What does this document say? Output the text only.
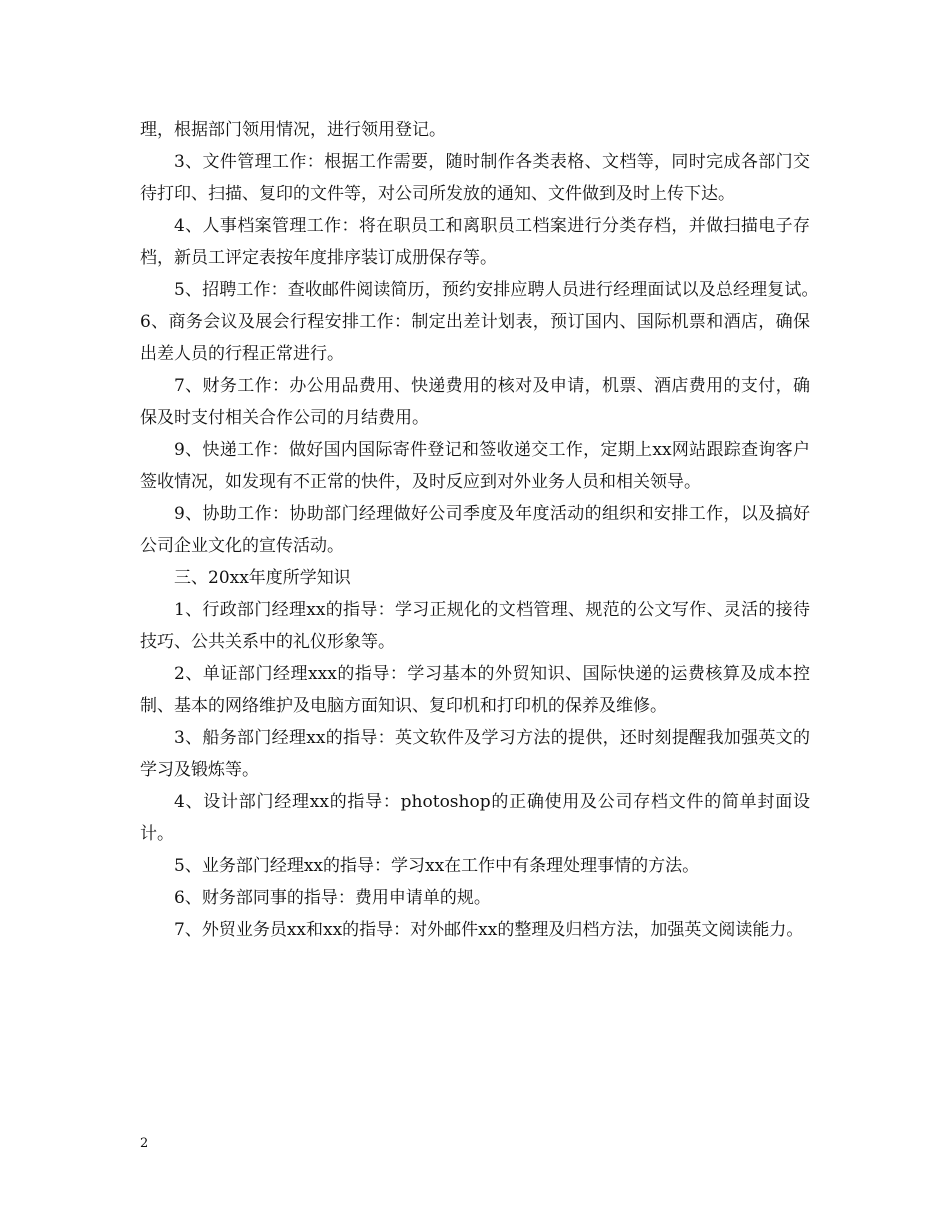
理，根据部门领用情况，进行领用登记。

3、文件管理工作：根据工作需要，随时制作各类表格、文档等，同时完成各部门交待打印、扫描、复印的文件等，对公司所发放的通知、文件做到及时上传下达。

4、人事档案管理工作：将在职员工和离职员工档案进行分类存档，并做扫描电子存档，新员工评定表按年度排序装订成册保存等。

5、招聘工作：查收邮件阅读简历，预约安排应聘人员进行经理面试以及总经理复试。　　　6、商务会议及展会行程安排工作：制定出差计划表，预订国内、国际机票和酒店，确保出差人员的行程正常进行。

7、财务工作：办公用品费用、快递费用的核对及申请，机票、酒店费用的支付，确保及时支付相关合作公司的月结费用。

9、快递工作：做好国内国际寄件登记和签收递交工作，定期上xx网站跟踪查询客户签收情况，如发现有不正常的快件，及时反应到对外业务人员和相关领导。

9、协助工作：协助部门经理做好公司季度及年度活动的组织和安排工作，以及搞好公司企业文化的宣传活动。

三、20xx年度所学知识

1、行政部门经理xx的指导：学习正规化的文档管理、规范的公文写作、灵活的接待技巧、公共关系中的礼仪形象等。

2、单证部门经理xxx的指导：学习基本的外贸知识、国际快递的运费核算及成本控制、基本的网络维护及电脑方面知识、复印机和打印机的保养及维修。

3、船务部门经理xx的指导：英文软件及学习方法的提供，还时刻提醒我加强英文的学习及锻炼等。

4、设计部门经理xx的指导：photoshop的正确使用及公司存档文件的简单封面设计。

5、业务部门经理xx的指导：学习xx在工作中有条理处理事情的方法。

6、财务部同事的指导：费用申请单的规。

7、外贸业务员xx和xx的指导：对外邮件xx的整理及归档方法，加强英文阅读能力。

2
